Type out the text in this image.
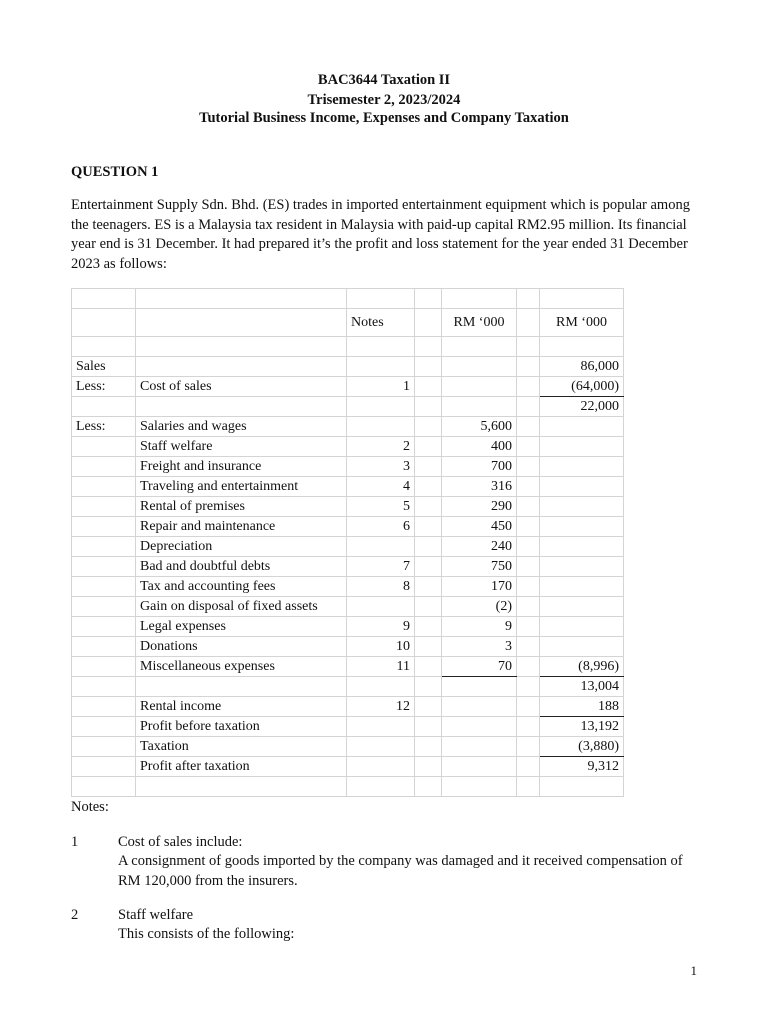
BAC3644 Taxation II
Trisemester 2, 2023/2024
Tutorial Business Income, Expenses and Company Taxation
QUESTION 1
Entertainment Supply Sdn. Bhd. (ES) trades in imported entertainment equipment which is popular among the teenagers. ES is a Malaysia tax resident in Malaysia with paid-up capital RM2.95 million. Its financial year end is 31 December. It had prepared it’s the profit and loss statement for the year ended 31 December 2023 as follows:

		Notes		RM ‘000		RM ‘000

Sales						86,000
Less:	Cost of sales	1				(64,000)
						22,000
Less:	Salaries and wages			5,600		
	Staff welfare	2		400		
	Freight and insurance	3		700		
	Traveling and entertainment	4		316		
	Rental of premises	5		290		
	Repair and maintenance	6		450		
	Depreciation			240		
	Bad and doubtful debts	7		750		
	Tax and accounting fees	8		170		
	Gain on disposal of fixed assets			(2)		
	Legal expenses	9		9		
	Donations	10		3		
	Miscellaneous expenses	11		70		(8,996)
						13,004
	Rental income	12				188
	Profit before taxation					13,192
	Taxation					(3,880)
	Profit after taxation					9,312

Notes:
1	Cost of sales include:
A consignment of goods imported by the company was damaged and it received compensation of RM 120,000 from the insurers.
2	Staff welfare
This consists of the following:
1
